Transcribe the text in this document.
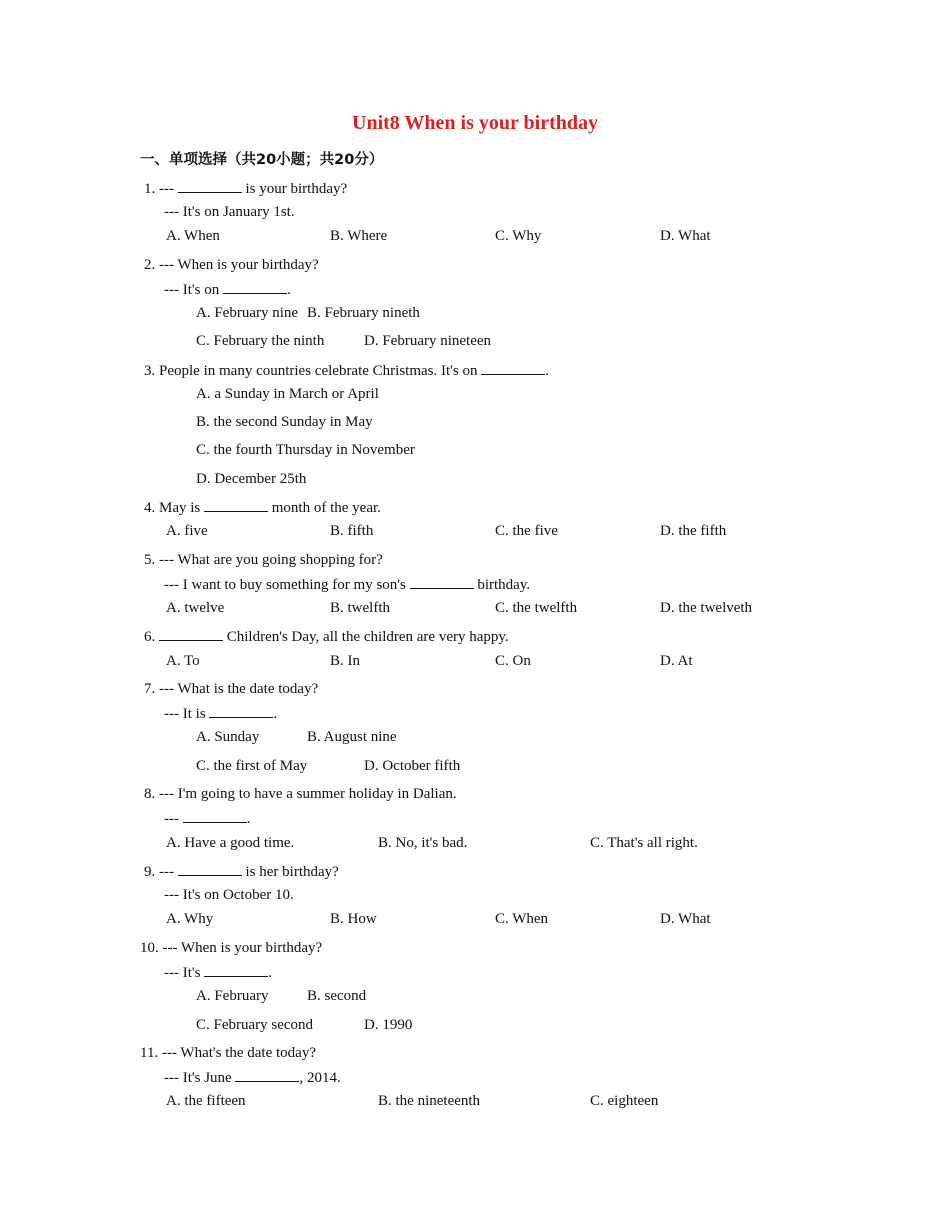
Unit8 When is your birthday
一、单项选择（共20小题；共20分）
1. ---	is your birthday?
--- It's on January 1st.
A. When	B. Where	C. Why	D. What
2. --- When is your birthday?
--- It's on	.
A. February nine B. February nineth
C. February the ninth	D. February nineteen
3. People in many countries celebrate Christmas. It's on	.
A. a Sunday in March or April
B. the second Sunday in May
C. the fourth Thursday in November
D. December 25th
4. May is	month of the year.
A. five	B. fifth	C. the five	D. the fifth
5. --- What are you going shopping for?
--- I want to buy something for my son's	birthday.
A. twelve	B. twelfth	C. the twelfth	D. the twelveth
6.	Children's Day, all the children are very happy.
A. To	B. In	C. On	D. At
7. --- What is the date today?
--- It is	.
A. Sunday	B. August nine
C. the first of May	D. October fifth
8. --- I'm going to have a summer holiday in Dalian.
---	.
A. Have a good time.	B. No, it's bad.	C. That's all right.
9. ---	is her birthday?
--- It's on October 10.
A. Why	B. How	C. When	D. What
10. --- When is your birthday?
--- It's	.
A. February	B. second
C. February second	D. 1990
11. --- What's the date today?
--- It's June	, 2014.
A. the fifteen	B. the nineteenth	C. eighteen
